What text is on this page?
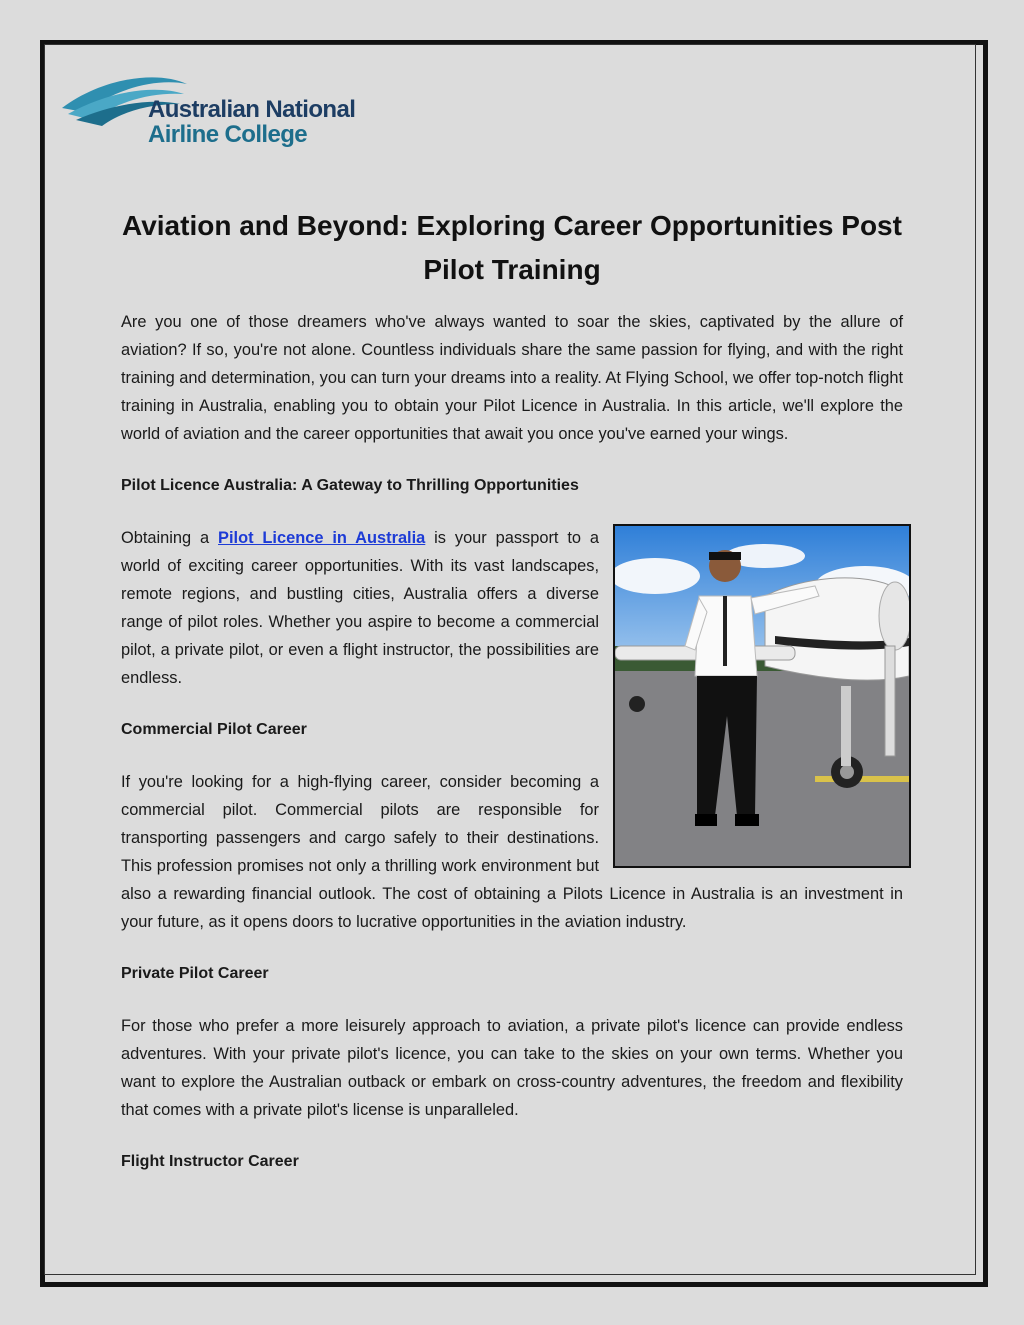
Australian National
Airline College
Aviation and Beyond: Exploring Career Opportunities Post Pilot Training

Are you one of those dreamers who've always wanted to soar the skies, captivated by the allure of aviation? If so, you're not alone. Countless individuals share the same passion for flying, and with the right training and determination, you can turn your dreams into a reality. At Flying School, we offer top-notch flight training in Australia, enabling you to obtain your Pilot Licence in Australia. In this article, we'll explore the world of aviation and the career opportunities that await you once you've earned your wings.

Pilot Licence Australia: A Gateway to Thrilling Opportunities

Obtaining a Pilot Licence in Australia is your passport to a world of exciting career opportunities. With its vast landscapes, remote regions, and bustling cities, Australia offers a diverse range of pilot roles. Whether you aspire to become a commercial pilot, a private pilot, or even a flight instructor, the possibilities are endless.

Commercial Pilot Career

If you're looking for a high-flying career, consider becoming a commercial pilot. Commercial pilots are responsible for transporting passengers and cargo safely to their destinations. This profession promises not only a thrilling work environment but also a rewarding financial outlook. The cost of obtaining a Pilots Licence in Australia is an investment in your future, as it opens doors to lucrative opportunities in the aviation industry.

Private Pilot Career

For those who prefer a more leisurely approach to aviation, a private pilot's licence can provide endless adventures. With your private pilot's licence, you can take to the skies on your own terms. Whether you want to explore the Australian outback or embark on cross-country adventures, the freedom and flexibility that comes with a private pilot's license is unparalleled.

Flight Instructor Career
